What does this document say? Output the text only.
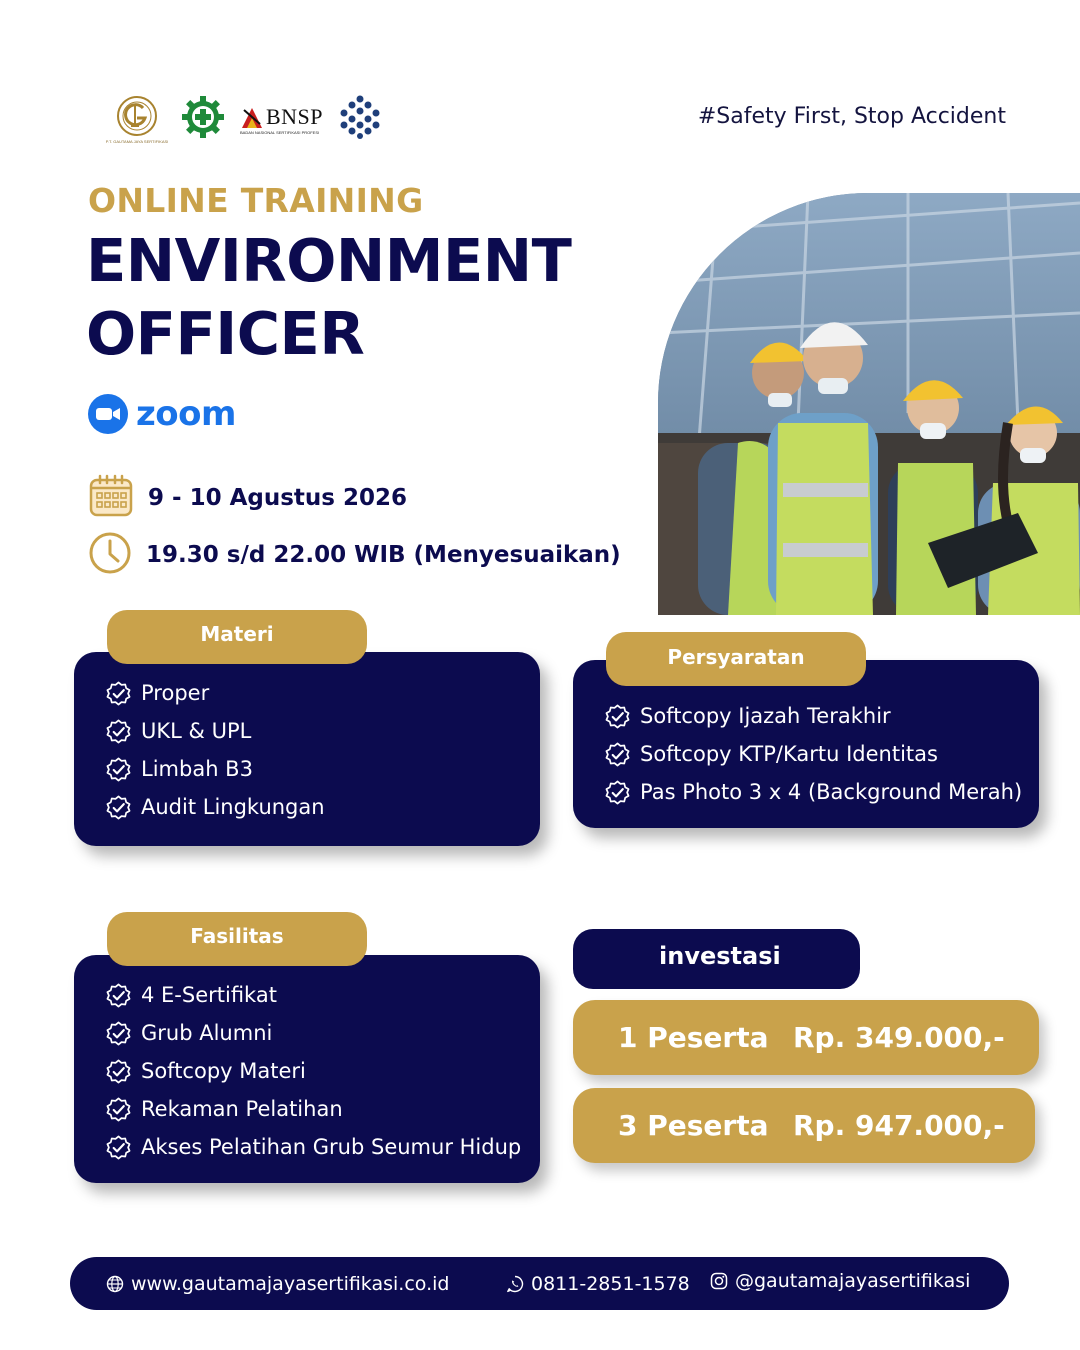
P.T. GAUTAMA JAYA SERTIFIKASI
BNSP
BADAN NASIONAL SERTIFIKASI PROFESI
#Safety First, Stop Accident
ONLINE TRAINING
ENVIRONMENT
OFFICER
zoom
9 - 10 Agustus 2026
19.30 s/d 22.00 WIB (Menyesuaikan)
Materi
Proper
UKL & UPL
Limbah B3
Audit Lingkungan
Persyaratan
Softcopy Ijazah Terakhir
Softcopy KTP/Kartu Identitas
Pas Photo 3 x 4 (Background Merah)
Fasilitas
4 E-Sertifikat
Grub Alumni
Softcopy Materi
Rekaman Pelatihan
Akses Pelatihan Grub Seumur Hidup
investasi
1 Peserta Rp. 349.000,-
3 Peserta Rp. 947.000,-
www.gautamajayasertifikasi.co.id	0811-2851-1578 @gautamajayasertifikasi
